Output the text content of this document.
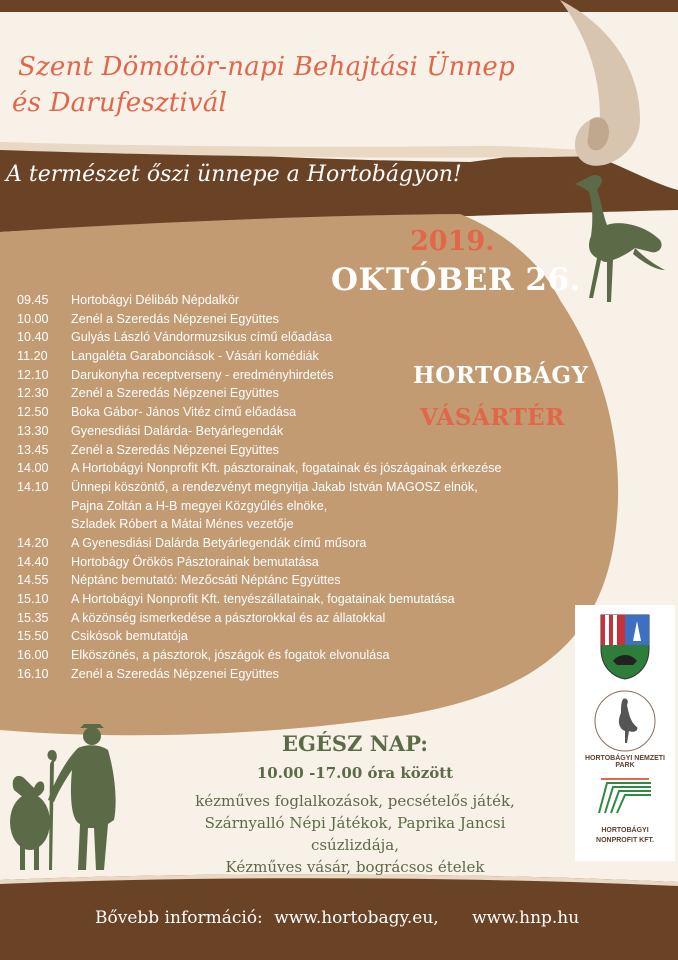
Szent Dömötör-napi Behajtási Ünnep
és Darufesztivál
A természet őszi ünnepe a Hortobágyon!
2019.
OKTÓBER 26.
HORTOBÁGY
VÁSÁRTÉR
09.45	Hortobágyi Délibáb Népdalkör
10.00	Zenél a Szeredás Népzenei Együttes
10.40	Gulyás László Vándormuzsikus című előadása
11.20	Langaléta Garabonciások - Vásári komédiák
12.10	Darukonyha receptverseny - eredményhirdetés
12.30	Zenél a Szeredás Népzenei Együttes
12.50	Boka Gábor- János Vitéz című előadása
13.30	Gyenesdiási Dalárda- Betyárlegendák
13.45	Zenél a Szeredás Népzenei Együttes
14.00	A Hortobágyi Nonprofit Kft. pásztorainak, fogatainak és jószágainak érkezése
14.10	Ünnepi köszöntő, a rendezvényt megnyitja Jakab István MAGOSZ elnök,
Pajna Zoltán a H-B megyei Közgyűlés elnöke,
Szladek Róbert a Mátai Ménes vezetője
14.20	A Gyenesdiási Dalárda Betyárlegendák című műsora
14.40	Hortobágy Örökös Pásztorainak bemutatása
14.55	Néptánc bemutató: Mezőcsáti Néptánc Együttes
15.10	A Hortobágyi Nonprofit Kft. tenyészállatainak, fogatainak bemutatása
15.35	A közönség ismerkedése a pásztorokkal és az állatokkal
15.50	Csikósok bemutatója
16.00	Elköszönés, a pásztorok, jószágok és fogatok elvonulása
16.10	Zenél a Szeredás Népzenei Együttes
EGÉSZ NAP:
10.00 -17.00 óra között
kézműves foglalkozások, pecsételős játék,
Szárnyalló Népi Játékok, Paprika Jancsi csúzlizdája,
Kézműves vásár, bográcsos ételek
HORTOBÁGYI NEMZETI PARK
HORTOBÁGYI
NONPROFIT KFT.
Bővebb információ: www.hortobagy.eu, www.hnp.hu
